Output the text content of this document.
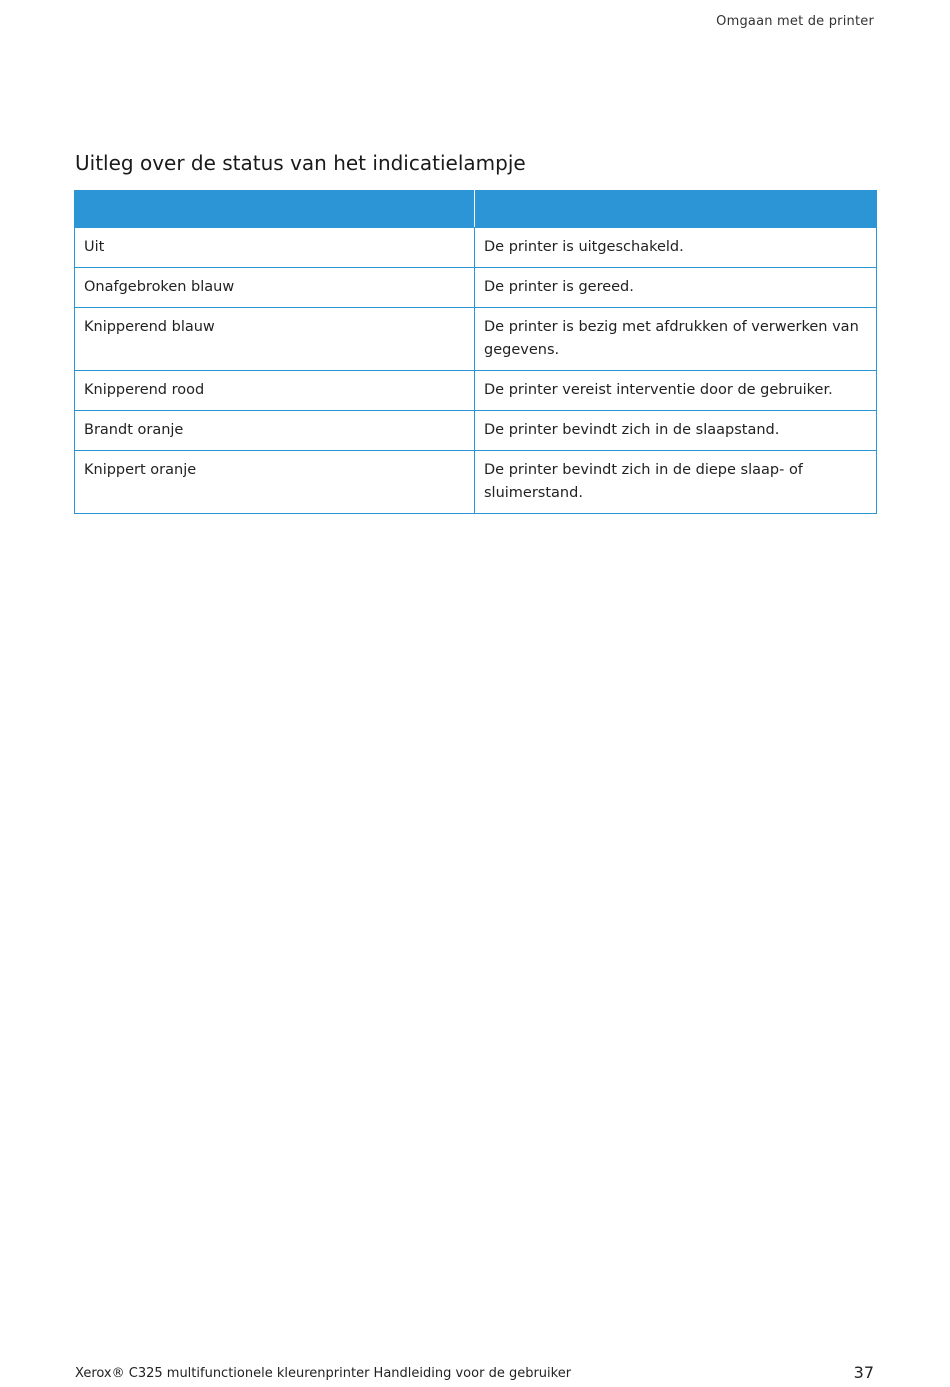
Omgaan met de printer
Uitleg over de status van het indicatielampje

Uit	De printer is uitgeschakeld.
Onafgebroken blauw	De printer is gereed.
Knipperend blauw	De printer is bezig met afdrukken of verwerken van gegevens.
Knipperend rood	De printer vereist interventie door de gebruiker.
Brandt oranje	De printer bevindt zich in de slaapstand.
Knippert oranje	De printer bevindt zich in de diepe slaap- of sluimerstand.
Xerox® C325 multifunctionele kleurenprinter Handleiding voor de gebruiker	37
